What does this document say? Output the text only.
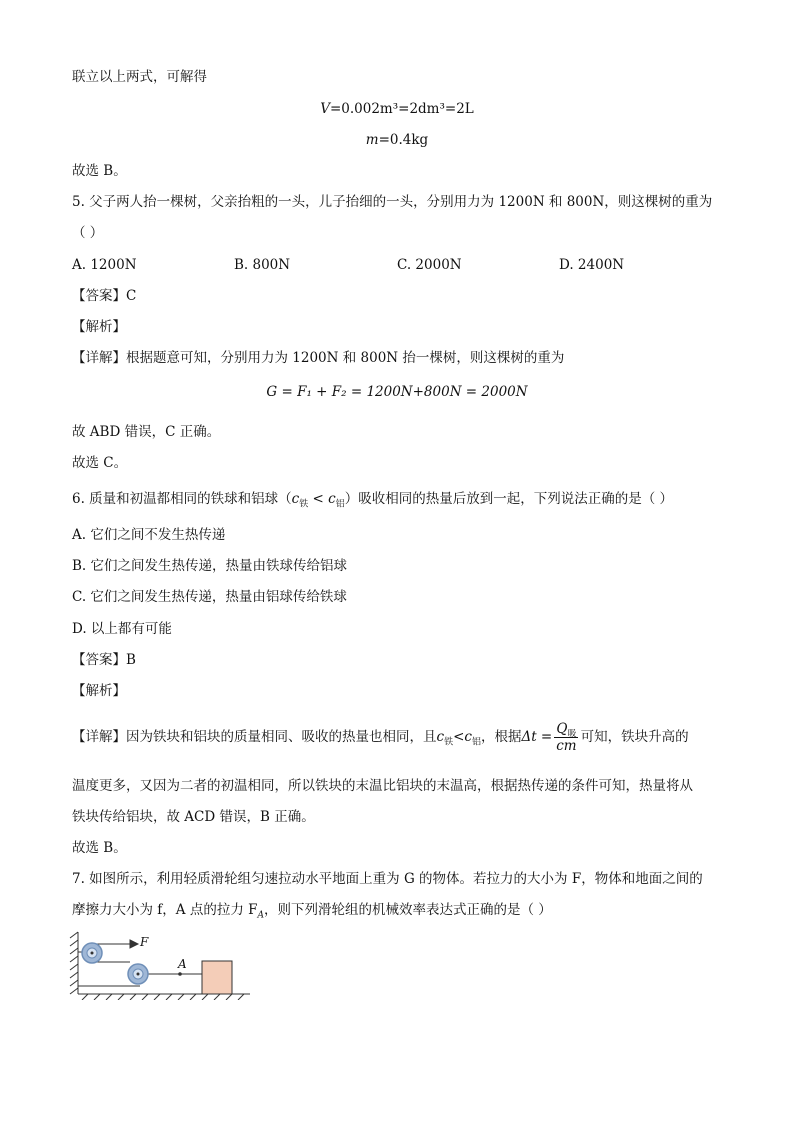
联立以上两式，可解得
V=0.002m³=2dm³=2L
m=0.4kg
故选 B。
5. 父子两人抬一棵树，父亲抬粗的一头，儿子抬细的一头，分别用力为 1200N 和 800N，则这棵树的重为
（ ）
A. 1200N	B. 800N	C. 2000N	D. 2400N
【答案】C
【解析】
【详解】根据题意可知，分别用力为 1200N 和 800N 抬一棵树，则这棵树的重为
G = F₁ + F₂ = 1200N+800N = 2000N
故 ABD 错误，C 正确。
故选 C。
6. 质量和初温都相同的铁球和铝球$(c_铁 < c_铝)$吸收相同的热量后放到一起，下列说法正确的是（ ）
A. 它们之间不发生热传递
B. 它们之间发生热传递，热量由铁球传给铝球
C. 它们之间发生热传递，热量由铝球传给铁球
D. 以上都有可能
【答案】B
【解析】
【详解】因为铁块和铝块的质量相同、吸收的热量也相同，且$c_铁<c_铝$，根据$\Delta t = \frac{Q_吸}{cm}$ 可知，铁块升高的
温度更多，又因为二者的初温相同，所以铁块的末温比铝块的末温高，根据热传递的条件可知，热量将从
铁块传给铝块，故 ACD 错误，B 正确。
故选 B。
7. 如图所示，利用轻质滑轮组匀速拉动水平地面上重为 G 的物体。若拉力的大小为 F，物体和地面之间的
摩擦力大小为 f，A 点的拉力 $F_A$，则下列滑轮组的机械效率表达式正确的是（ ）
F
A
